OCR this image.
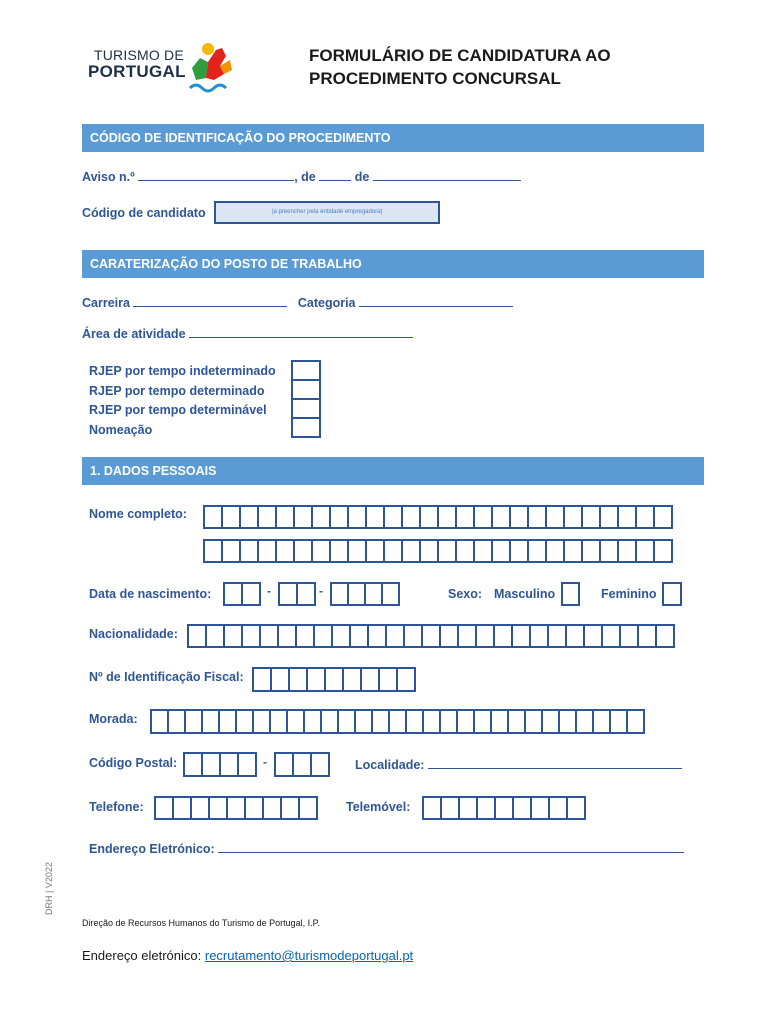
TURISMO DE
PORTUGAL
FORMULÁRIO DE CANDIDATURA AO
PROCEDIMENTO CONCURSAL
CÓDIGO DE IDENTIFICAÇÃO DO PROCEDIMENTO
Aviso n.º	, de	de
Código de candidato	(a preencher pela entidade empregadora)
CARATERIZAÇÃO DO POSTO DE TRABALHO
Carreira	Categoria
Área de atividade
RJEP por tempo indeterminado
RJEP por tempo determinado
RJEP por tempo determinável
Nomeação
1. DADOS PESSOAIS
Nome completo:
Data de nascimento:	-	-	Sexo: Masculino	Feminino
Nacionalidade:
Nº de Identificação Fiscal:
Morada:
Código Postal:	-	Localidade:
Telefone:	Telemóvel:
Endereço Eletrónico:
DRH | V2022
Direção de Recursos Humanos do Turismo de Portugal, I.P.
Endereço eletrónico: recrutamento@turismodeportugal.pt
